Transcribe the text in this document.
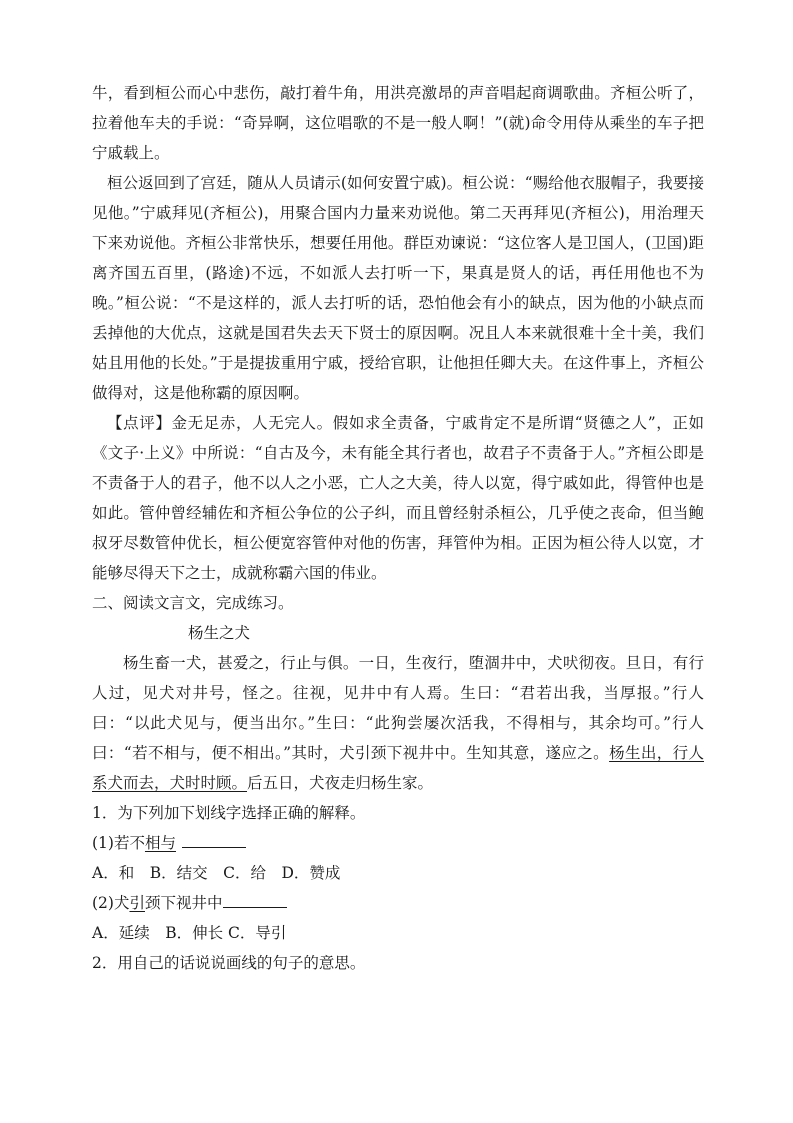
牛，看到桓公而心中悲伤，敲打着牛角，用洪亮激昂的声音唱起商调歌曲。齐桓公听了，拉着他车夫的手说：“奇异啊，这位唱歌的不是一般人啊！”(就)命令用侍从乘坐的车子把宁戚载上。

桓公返回到了宫廷，随从人员请示(如何安置宁戚)。桓公说：“赐给他衣服帽子，我要接见他。”宁戚拜见(齐桓公)，用聚合国内力量来劝说他。第二天再拜见(齐桓公)，用治理天下来劝说他。齐桓公非常快乐，想要任用他。群臣劝谏说：“这位客人是卫国人，(卫国)距离齐国五百里，(路途)不远，不如派人去打听一下，果真是贤人的话，再任用他也不为晚。”桓公说：“不是这样的，派人去打听的话，恐怕他会有小的缺点，因为他的小缺点而丢掉他的大优点，这就是国君失去天下贤士的原因啊。况且人本来就很难十全十美，我们姑且用他的长处。”于是提拔重用宁戚，授给官职，让他担任卿大夫。在这件事上，齐桓公做得对，这是他称霸的原因啊。

【点评】金无足赤，人无完人。假如求全责备，宁戚肯定不是所谓“贤德之人”，正如《文子·上义》中所说：“自古及今，未有能全其行者也，故君子不责备于人。”齐桓公即是不责备于人的君子，他不以人之小恶，亡人之大美，待人以宽，得宁戚如此，得管仲也是如此。管仲曾经辅佐和齐桓公争位的公子纠，而且曾经射杀桓公，几乎使之丧命，但当鲍叔牙尽数管仲优长，桓公便宽容管仲对他的伤害，拜管仲为相。正因为桓公待人以宽，才能够尽得天下之士，成就称霸六国的伟业。

二、阅读文言文，完成练习。

杨生之犬

杨生畜一犬，甚爱之，行止与俱。一日，生夜行，堕涸井中，犬吠彻夜。旦日，有行人过，见犬对井号，怪之。往视，见井中有人焉。生曰：“君若出我，当厚报。”行人曰：“以此犬见与，便当出尔。”生曰：“此狗尝屡次活我，不得相与，其余均可。”行人曰：“若不相与，便不相出。”其时，犬引颈下视井中。生知其意，遂应之。杨生出，行人系犬而去，犬时时顾。后五日，犬夜走归杨生家。

1．为下列加下划线字选择正确的解释。

(1)若不相与

A．和　B．结交　C．给　D．赞成

(2)犬引颈下视井中

A．延续　B．伸长 C．导引

2．用自己的话说说画线的句子的意思。
